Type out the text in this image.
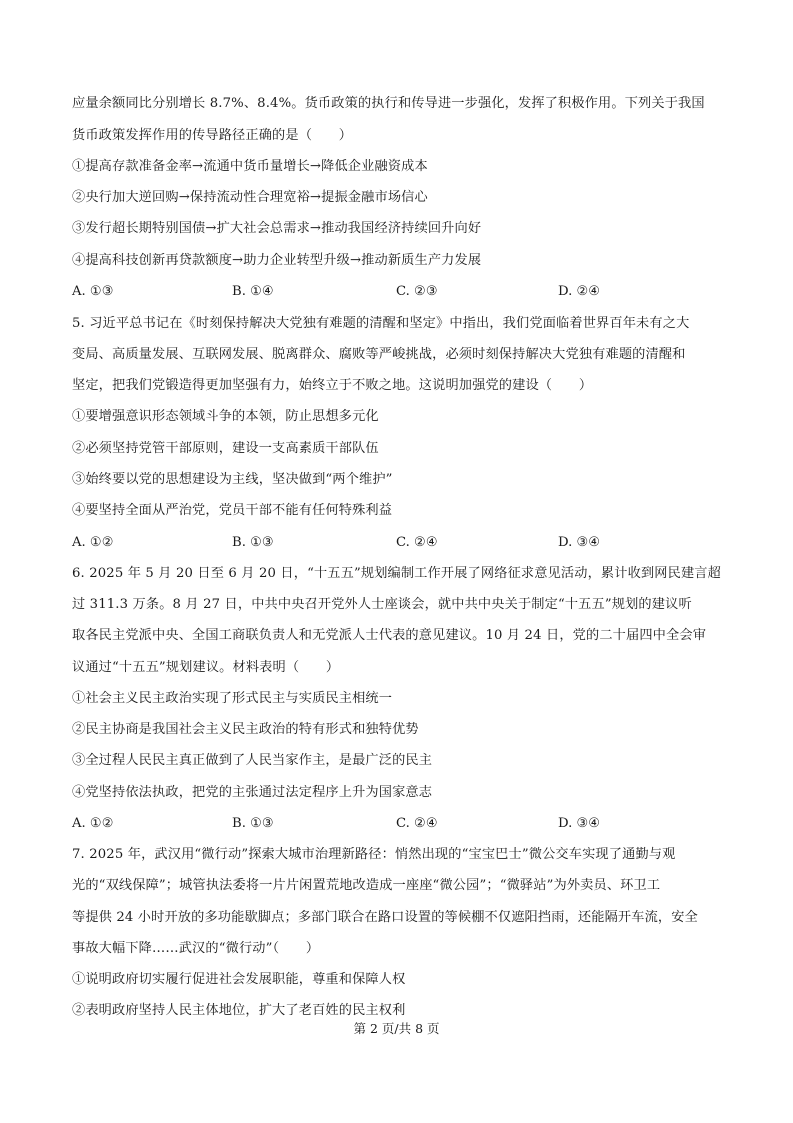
应量余额同比分别增长 8.7%、8.4%。货币政策的执行和传导进一步强化，发挥了积极作用。下列关于我国
货币政策发挥作用的传导路径正确的是（　　）
①提高存款准备金率→流通中货币量增长→降低企业融资成本
②央行加大逆回购→保持流动性合理宽裕→提振金融市场信心
③发行超长期特别国债→扩大社会总需求→推动我国经济持续回升向好
④提高科技创新再贷款额度→助力企业转型升级→推动新质生产力发展
A. ①③	B. ①④	C. ②③	D. ②④
5. 习近平总书记在《时刻保持解决大党独有难题的清醒和坚定》中指出，我们党面临着世界百年未有之大
变局、高质量发展、互联网发展、脱离群众、腐败等严峻挑战，必须时刻保持解决大党独有难题的清醒和
坚定，把我们党锻造得更加坚强有力，始终立于不败之地。这说明加强党的建设（　　）
①要增强意识形态领域斗争的本领，防止思想多元化
②必须坚持党管干部原则，建设一支高素质干部队伍
③始终要以党的思想建设为主线，坚决做到“两个维护”
④要坚持全面从严治党，党员干部不能有任何特殊利益
A. ①②	B. ①③	C. ②④	D. ③④
6. 2025 年 5 月 20 日至 6 月 20 日，“十五五”规划编制工作开展了网络征求意见活动，累计收到网民建言超
过 311.3 万条。8 月 27 日，中共中央召开党外人士座谈会，就中共中央关于制定“十五五”规划的建议听
取各民主党派中央、全国工商联负责人和无党派人士代表的意见建议。10 月 24 日，党的二十届四中全会审
议通过“十五五”规划建议。材料表明（　　）
①社会主义民主政治实现了形式民主与实质民主相统一
②民主协商是我国社会主义民主政治的特有形式和独特优势
③全过程人民民主真正做到了人民当家作主，是最广泛的民主
④党坚持依法执政，把党的主张通过法定程序上升为国家意志
A. ①②	B. ①③	C. ②④	D. ③④
7. 2025 年，武汉用“微行动”探索大城市治理新路径：悄然出现的“宝宝巴士”微公交车实现了通勤与观
光的“双线保障”；城管执法委将一片片闲置荒地改造成一座座“微公园”；“微驿站”为外卖员、环卫工
等提供 24 小时开放的多功能歇脚点；多部门联合在路口设置的等候棚不仅遮阳挡雨，还能隔开车流，安全
事故大幅下降……武汉的“微行动”（　　）
①说明政府切实履行促进社会发展职能，尊重和保障人权
②表明政府坚持人民主体地位，扩大了老百姓的民主权利
第 2 页/共 8 页
